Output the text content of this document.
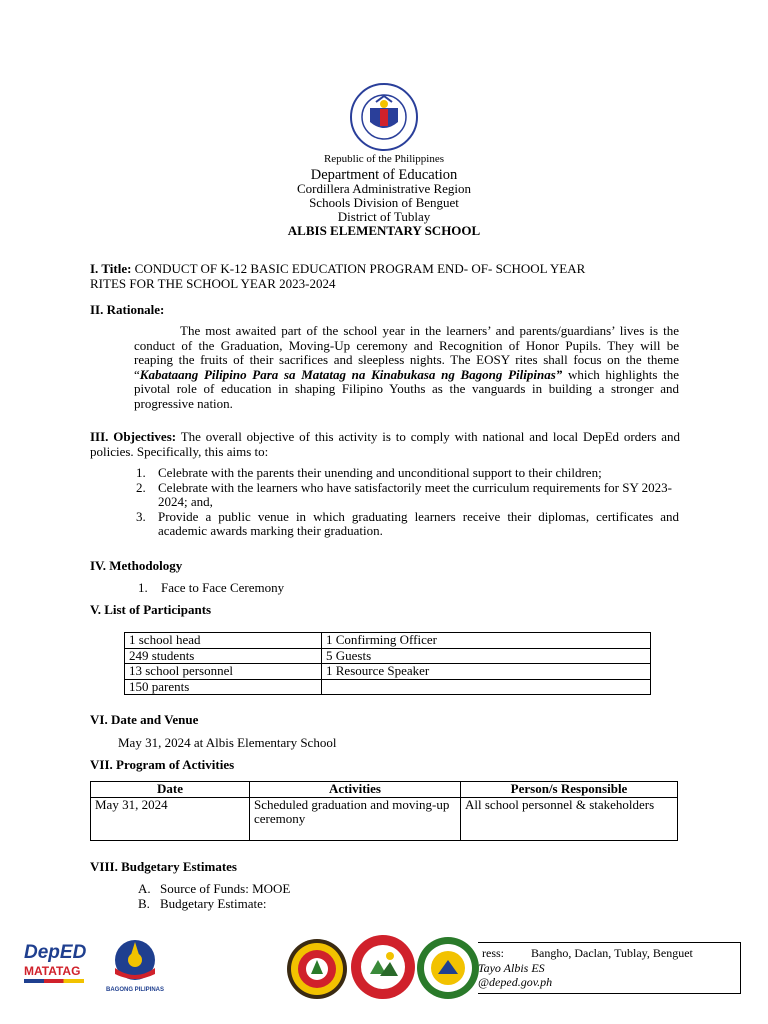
Republic of the Philippines
Department of Education
Cordillera Administrative Region
Schools Division of Benguet
District of Tublay
ALBIS ELEMENTARY SCHOOL
I. Title: CONDUCT OF K-12 BASIC EDUCATION PROGRAM END- OF- SCHOOL YEAR
RITES FOR THE SCHOOL YEAR 2023-2024
II. Rationale:
The most awaited part of the school year in the learners’ and parents/guardians’ lives is the conduct of the Graduation, Moving-Up ceremony and Recognition of Honor Pupils. They will be reaping the fruits of their sacrifices and sleepless nights. The EOSY rites shall focus on the theme “Kabataang Pilipino Para sa Matatag na Kinabukasa ng Bagong Pilipinas” which highlights the pivotal role of education in shaping Filipino Youths as the vanguards in building a stronger and progressive nation.
III. Objectives: The overall objective of this activity is to comply with national and local DepEd orders and policies. Specifically, this aims to:
1. Celebrate with the parents their unending and unconditional support to their children;
2. Celebrate with the learners who have satisfactorily meet the curriculum requirements for SY 2023-2024; and,
3. Provide a public venue in which graduating learners receive their diplomas, certificates and academic awards marking their graduation.
IV. Methodology
1. Face to Face Ceremony
V. List of Participants
1 school head	1 Confirming Officer
249 students	5 Guests
13 school personnel	1 Resource Speaker
150 parents	
VI. Date and Venue
May 31, 2024 at Albis Elementary School
VII. Program of Activities
Date	Activities	Person/s Responsible
May 31, 2024	Scheduled graduation and moving-up ceremony	All school personnel & stakeholders
VIII. Budgetary Estimates
A. Source of Funds: MOOE
B. Budgetary Estimate:
DepED
MATATAG
BAGONG PILIPINAS
ress: Bangho, Daclan, Tublay, Benguet
Tayo Albis ES
@deped.gov.ph
